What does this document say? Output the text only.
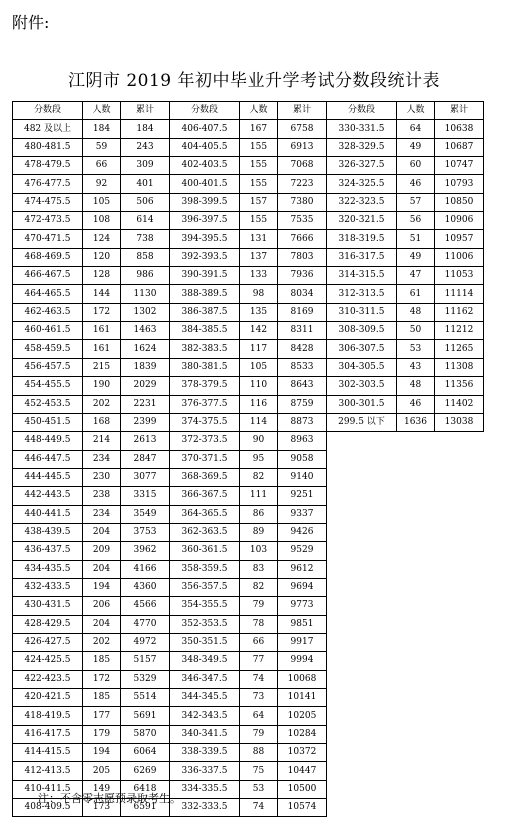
附件:
江阴市 2019 年初中毕业升学考试分数段统计表
分数段	人数	累计	分数段	人数	累计	分数段	人数	累计
482 及以上	184	184	406-407.5	167	6758	330-331.5	64	10638
480-481.5	59	243	404-405.5	155	6913	328-329.5	49	10687
478-479.5	66	309	402-403.5	155	7068	326-327.5	60	10747
476-477.5	92	401	400-401.5	155	7223	324-325.5	46	10793
474-475.5	105	506	398-399.5	157	7380	322-323.5	57	10850
472-473.5	108	614	396-397.5	155	7535	320-321.5	56	10906
470-471.5	124	738	394-395.5	131	7666	318-319.5	51	10957
468-469.5	120	858	392-393.5	137	7803	316-317.5	49	11006
466-467.5	128	986	390-391.5	133	7936	314-315.5	47	11053
464-465.5	144	1130	388-389.5	98	8034	312-313.5	61	11114
462-463.5	172	1302	386-387.5	135	8169	310-311.5	48	11162
460-461.5	161	1463	384-385.5	142	8311	308-309.5	50	11212
458-459.5	161	1624	382-383.5	117	8428	306-307.5	53	11265
456-457.5	215	1839	380-381.5	105	8533	304-305.5	43	11308
454-455.5	190	2029	378-379.5	110	8643	302-303.5	48	11356
452-453.5	202	2231	376-377.5	116	8759	300-301.5	46	11402
450-451.5	168	2399	374-375.5	114	8873	299.5 以下	1636	13038
448-449.5	214	2613	372-373.5	90	8963			
446-447.5	234	2847	370-371.5	95	9058			
444-445.5	230	3077	368-369.5	82	9140			
442-443.5	238	3315	366-367.5	111	9251			
440-441.5	234	3549	364-365.5	86	9337			
438-439.5	204	3753	362-363.5	89	9426			
436-437.5	209	3962	360-361.5	103	9529			
434-435.5	204	4166	358-359.5	83	9612			
432-433.5	194	4360	356-357.5	82	9694			
430-431.5	206	4566	354-355.5	79	9773			
428-429.5	204	4770	352-353.5	78	9851			
426-427.5	202	4972	350-351.5	66	9917			
424-425.5	185	5157	348-349.5	77	9994			
422-423.5	172	5329	346-347.5	74	10068			
420-421.5	185	5514	344-345.5	73	10141			
418-419.5	177	5691	342-343.5	64	10205			
416-417.5	179	5870	340-341.5	79	10284			
414-415.5	194	6064	338-339.5	88	10372			
412-413.5	205	6269	336-337.5	75	10447			
410-411.5	149	6418	334-335.5	53	10500			
408-409.5	173	6591	332-333.5	74	10574			
注：不含零志愿预录取考生。
